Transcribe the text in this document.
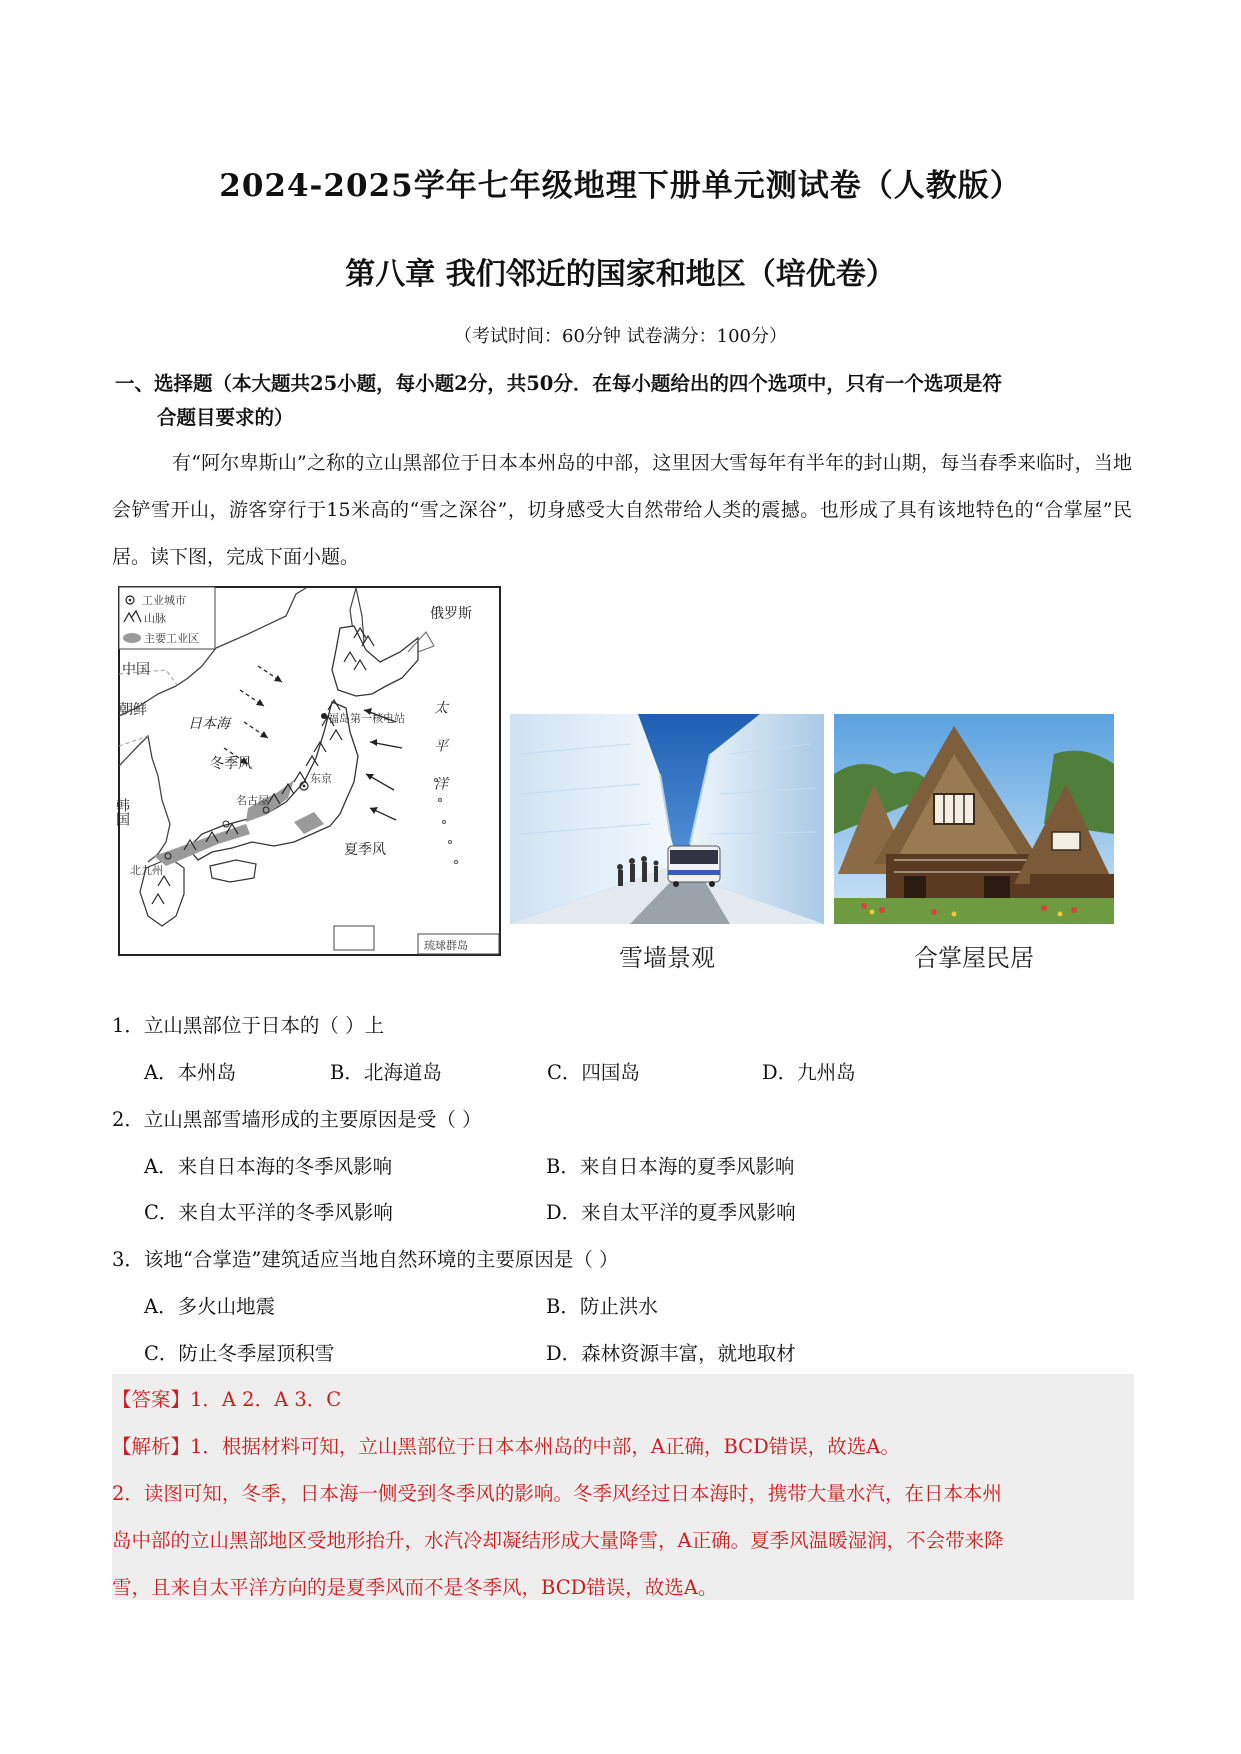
2024-2025学年七年级地理下册单元测试卷（人教版）
第八章 我们邻近的国家和地区（培优卷）
（考试时间：60分钟 试卷满分：100分）
一、选择题（本大题共25小题，每小题2分，共50分．在每小题给出的四个选项中，只有一个选项是符
合题目要求的）

有“阿尔卑斯山”之称的立山黑部位于日本本州岛的中部，这里因大雪每年有半年的封山期，每当春季来临时，当地会铲雪开山，游客穿行于15米高的“雪之深谷”，切身感受大自然带给人类的震撼。也形成了具有该地特色的“合掌屋”民居。读下图，完成下面小题。

工业城市
山脉
主要工业区
琉球群岛
俄罗斯
中国
朝鲜
日本海
冬季风
韩国
福岛第一核电站
东京
名古屋
北九州
夏季风
太平洋
雪墙景观	合掌屋民居
1．立山黑部位于日本的（ ）上
A．本州岛	B．北海道岛	C．四国岛	D．九州岛
2．立山黑部雪墙形成的主要原因是受（ ）
A．来自日本海的冬季风影响	B．来自日本海的夏季风影响
C．来自太平洋的冬季风影响	D．来自太平洋的夏季风影响
3．该地“合掌造”建筑适应当地自然环境的主要原因是（ ）
A．多火山地震	B．防止洪水
C．防止冬季屋顶积雪	D．森林资源丰富，就地取材
【答案】1．A 2．A 3．C
【解析】1．根据材料可知，立山黑部位于日本本州岛的中部，A正确，BCD错误，故选A。
2．读图可知，冬季，日本海一侧受到冬季风的影响。冬季风经过日本海时，携带大量水汽，在日本本州
岛中部的立山黑部地区受地形抬升，水汽冷却凝结形成大量降雪，A正确。夏季风温暖湿润，不会带来降
雪，且来自太平洋方向的是夏季风而不是冬季风，BCD错误，故选A。
